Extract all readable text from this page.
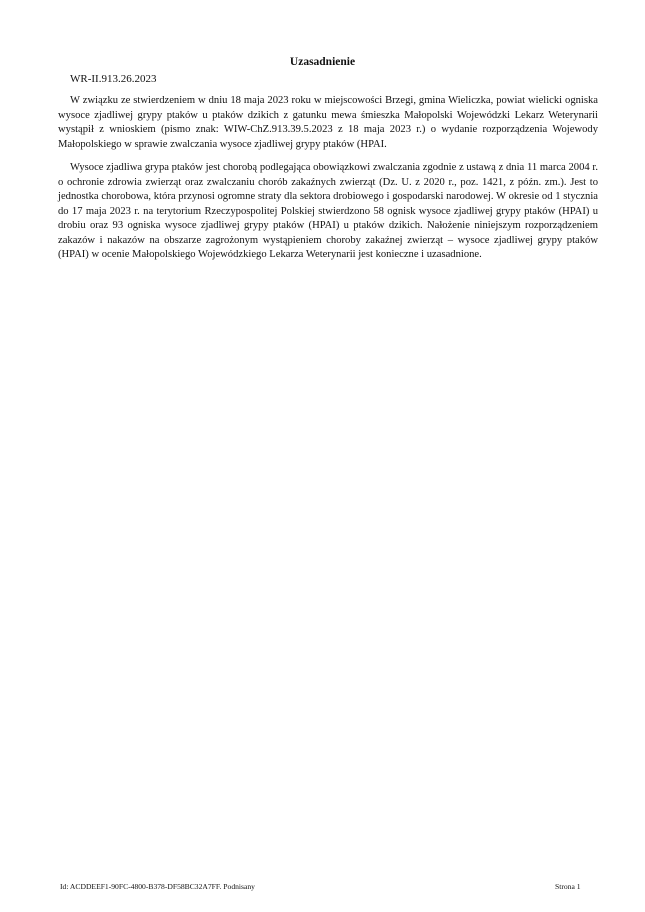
Uzasadnienie
WR-II.913.26.2023

W związku ze stwierdzeniem w dniu 18 maja 2023 roku w miejscowości Brzegi, gmina Wieliczka, powiat wielicki ogniska wysoce zjadliwej grypy ptaków u ptaków dzikich z gatunku mewa śmieszka Małopolski Wojewódzki Lekarz Weterynarii wystąpił z wnioskiem (pismo znak: WIW-ChZ.913.39.5.2023 z 18 maja 2023 r.) o wydanie rozporządzenia Wojewody Małopolskiego w sprawie zwalczania wysoce zjadliwej grypy ptaków (HPAI.

Wysoce zjadliwa grypa ptaków jest chorobą podlegająca obowiązkowi zwalczania zgodnie z ustawą z dnia 11 marca 2004 r. o ochronie zdrowia zwierząt oraz zwalczaniu chorób zakaźnych zwierząt (Dz. U. z 2020 r., poz. 1421, z późn. zm.). Jest to jednostka chorobowa, która przynosi ogromne straty dla sektora drobiowego i gospodarski narodowej. W okresie od 1 stycznia do 17 maja 2023 r. na terytorium Rzeczypospolitej Polskiej stwierdzono 58 ognisk wysoce zjadliwej grypy ptaków (HPAI) u drobiu oraz 93 ogniska wysoce zjadliwej grypy ptaków (HPAI) u ptaków dzikich. Nałożenie niniejszym rozporządzeniem zakazów i nakazów na obszarze zagrożonym wystąpieniem choroby zakaźnej zwierząt – wysoce zjadliwej grypy ptaków (HPAI) w ocenie Małopolskiego Wojewódzkiego Lekarza Weterynarii jest konieczne i uzasadnione.

Id: ACDDEEF1-90FC-4800-B378-DF58BC32A7FF. Podnisany	Strona 1
